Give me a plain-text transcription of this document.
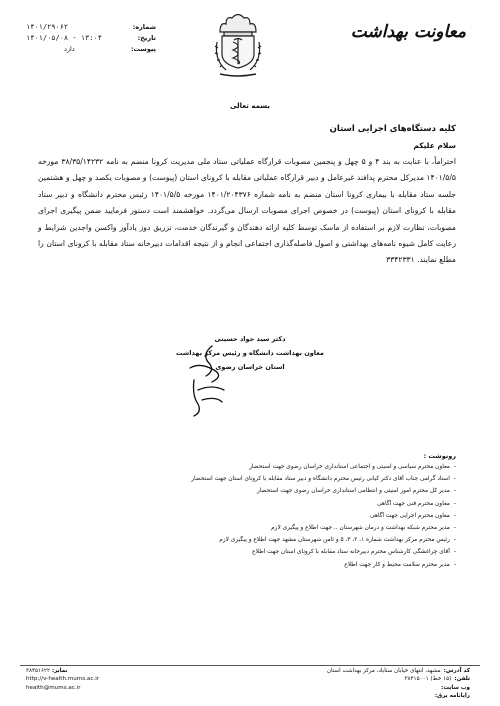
شماره:
۱۴۰۱/۲۹۰۶۲
تاریخ:
۱۴۰۱/۰۵/۰۸ - ۱۳:۰۴
پیوست:
دارد
معاونت بهداشت
بسمه تعالی
کلیه دستگاه‌های اجرایی استان
سلام علیکم

احتراماً، با عنایت به بند ۴ و ۵ چهل و پنجمین مصوبات قرارگاه عملیاتی ستاد ملی مدیریت کرونا منضم به نامه ۳۸/۳۵/۱۴۲۳۲ مورخه ۱۴۰۱/۵/۵ مدیرکل محترم پدافند غیرعامل و دبیر قرارگاه عملیاتی مقابله با کرونای استان (پیوست) و مصوبات یکصد و چهل و هشتمین جلسه ستاد مقابله با بیماری کرونا استان منضم به نامه شماره ۱۴۰۱/۲۰۴۳۷۶ مورخه ۱۴۰۱/۵/۵ رئیس محترم دانشگاه و دبیر ستاد مقابله با کرونای استان (پیوست) در خصوص اجرای مصوبات ارسال می‌گردد. خواهشمند است دستور فرمایید ضمن پیگیری اجرای مصوبات، نظارت لازم بر استفاده از ماسک توسط کلیه ارائه دهندگان و گیرندگان خدمت، تزریق دوز یادآور واکسن واجدین شرایط و رعایت کامل شیوه نامه‌های بهداشتی و اصول فاصله‌گذاری اجتماعی انجام و از نتیجه اقدامات دبیرخانه ستاد مقابله با کرونای استان را مطلع نمایند. ۳۳۴۲۳۳۱

دکتر سید جواد حسینی
معاون بهداشت دانشگاه و رئیس مرکز بهداشت
استان خراسان رضوی
رونوشت :
- معاون محترم سیاسی و امنیتی و اجتماعی استانداری خراسان رضوی جهت استحضار
- استاد گرامی جناب آقای دکتر کیانی رئیس محترم دانشگاه و دبیر ستاد مقابله با کرونای استان جهت استحضار
- مدیر کل محترم امور امنیتی و انتظامی استانداری خراسان رضوی جهت استحضار
- معاون محترم فنی جهت آگاهی
- معاون محترم اجرایی جهت آگاهی
- مدیر محترم شبکه بهداشت و درمان شهرستان .. جهت اطلاع و پیگیری لازم
- رئیس محترم مرکز بهداشت شماره ۱، ۲، ۳، ۵ و ثامن شهرستان مشهد جهت اطلاع و پیگیری لازم
- آقای چراغشگی کارشناس محترم دبیرخانه ستاد مقابله با کرونای استان جهت اطلاع
- مدیر محترم سلامت محیط و کار جهت اطلاع
کد آدرس:
مشهد، انتهای خیابان سناباد، مرکز بهداشت استان
تلفن:
(۱۵ خط) ۳۸۴۱۵۰۰۱
وب سایت:
رایانامه برق:
نمابر: ۳۸۴۵۱۶۲۲
http://v-health.mums.ac.ir
health@mums.ac.ir
